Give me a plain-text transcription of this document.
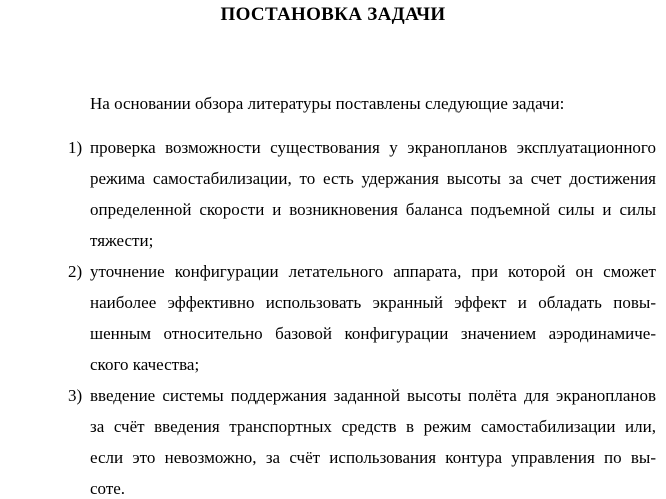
ПОСТАНОВКА ЗАДАЧИ
На основании обзора литературы поставлены следующие задачи:
1) проверка возможности существования у экранопланов эксплуатационного
режима самостабилизации, то есть удержания высоты за счет достижения
определенной скорости и возникновения баланса подъемной силы и силы
тяжести;
2) уточнение конфигурации летательного аппарата, при которой он сможет
наиболее эффективно использовать экранный эффект и обладать повы-
шенным относительно базовой конфигурации значением аэродинамиче-
ского качества;
3) введение системы поддержания заданной высоты полёта для экранопланов
за счёт введения транспортных средств в режим самостабилизации или,
если это невозможно, за счёт использования контура управления по вы-
соте.
